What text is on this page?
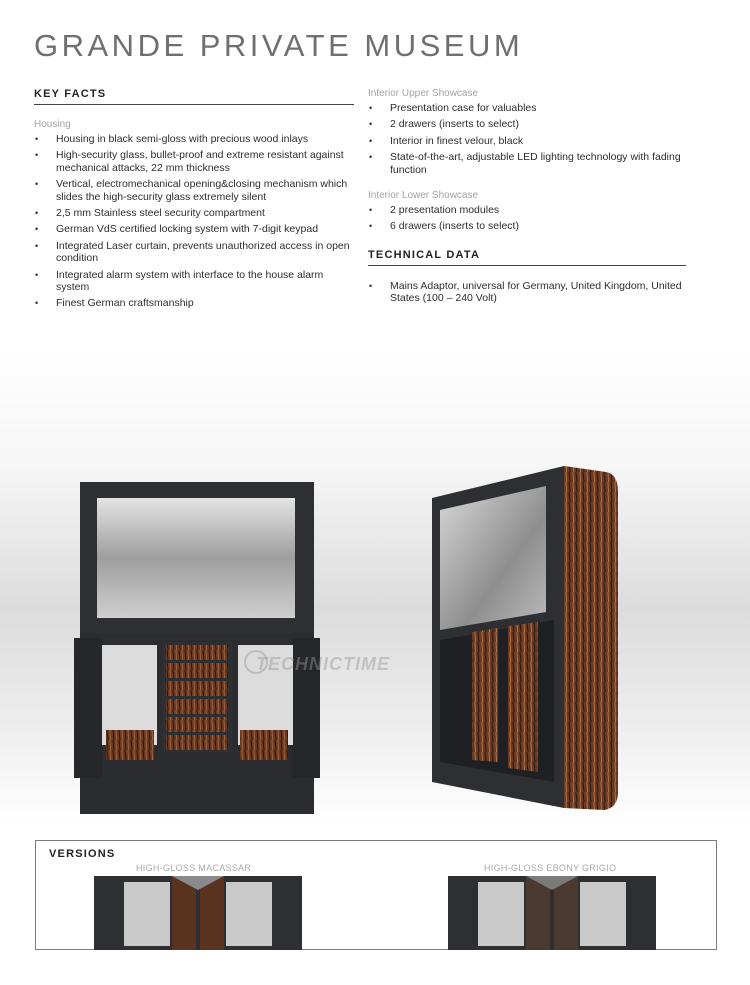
GRANDE PRIVATE MUSEUM
KEY FACTS
Housing
• Housing in black semi-gloss with precious wood inlays
• High-security glass, bullet-proof and extreme resistant against mechanical attacks, 22 mm thickness
• Vertical, electromechanical opening&closing mechanism which slides the high-security glass extremely silent
• 2,5 mm Stainless steel security compartment
• German VdS certified locking system with 7-digit keypad
• Integrated Laser curtain, prevents unauthorized access in open condition
• Integrated alarm system with interface to the house alarm system
• Finest German craftsmanship
Interior Upper Showcase
• Presentation case for valuables
• 2 drawers (inserts to select)
• Interior in finest velour, black
• State-of-the-art, adjustable LED lighting technology with fading function
Interior Lower Showcase
• 2 presentation modules
• 6 drawers (inserts to select)
TECHNICAL DATA
• Mains Adaptor, universal for Germany, United Kingdom, United States (100 – 240 Volt)
TECHNICTIME
VERSIONS
HIGH-GLOSS MACASSAR	HIGH-GLOSS EBONY GRIGIO
